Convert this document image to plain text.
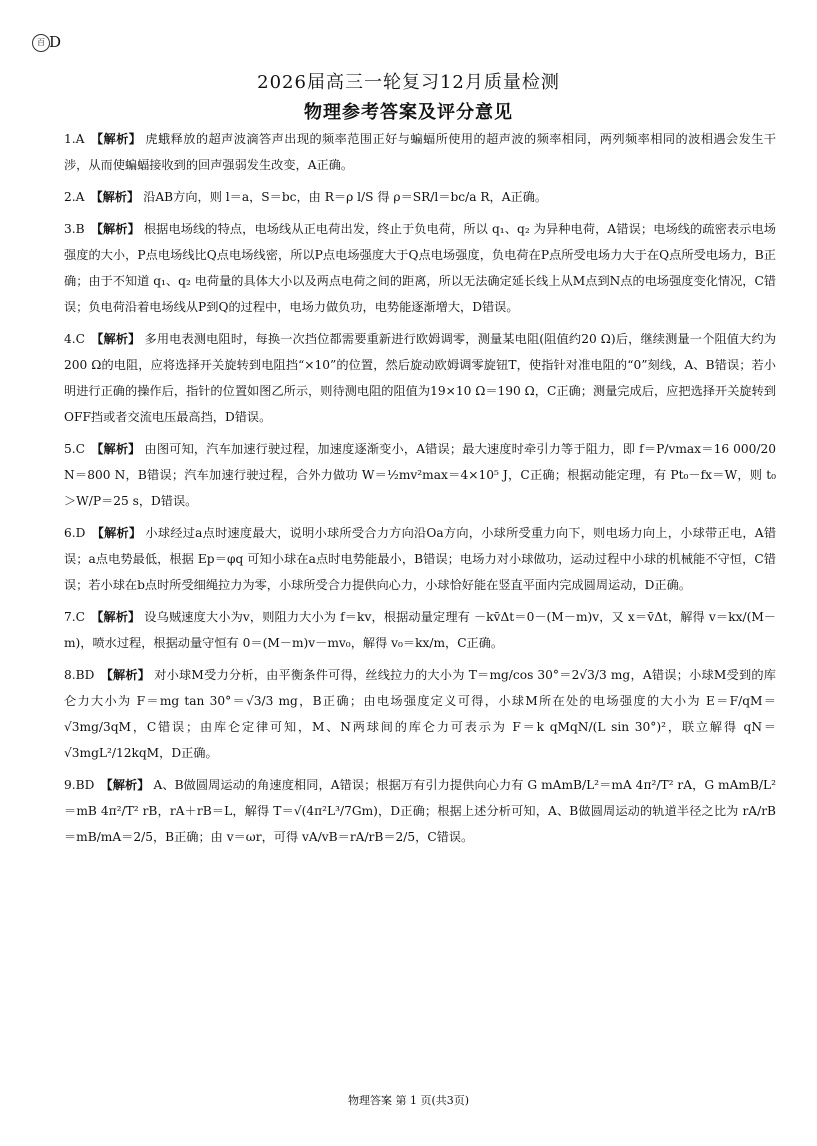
百 D
2026届高三一轮复习12月质量检测
物理参考答案及评分意见
1.A 【解析】 虎蛾释放的超声波滴答声出现的频率范围正好与蝙蝠所使用的超声波的频率相同，两列频率相同的波相遇会发生干涉，从而使蝙蝠接收到的回声强弱发生改变，A正确。
2.A 【解析】 沿AB方向，则 l＝a，S＝bc，由 R＝ρ l/S 得 ρ＝SR/l＝bc/a R，A正确。
3.B 【解析】 根据电场线的特点，电场线从正电荷出发，终止于负电荷，所以 q₁、q₂ 为异种电荷，A错误；电场线的疏密表示电场强度的大小，P点电场线比Q点电场线密，所以P点电场强度大于Q点电场强度，负电荷在P点所受电场力大于在Q点所受电场力，B正确；由于不知道 q₁、q₂ 电荷量的具体大小以及两点电荷之间的距离，所以无法确定延长线上从M点到N点的电场强度变化情况，C错误；负电荷沿着电场线从P到Q的过程中，电场力做负功，电势能逐渐增大，D错误。
4.C 【解析】 多用电表测电阻时，每换一次挡位都需要重新进行欧姆调零，测量某电阻(阻值约20 Ω)后，继续测量一个阻值大约为200 Ω的电阻，应将选择开关旋转到电阻挡“×10”的位置，然后旋动欧姆调零旋钮T，使指针对准电阻的“0”刻线，A、B错误；若小明进行正确的操作后，指针的位置如图乙所示，则待测电阻的阻值为19×10 Ω＝190 Ω，C正确；测量完成后，应把选择开关旋转到OFF挡或者交流电压最高挡，D错误。
5.C 【解析】 由图可知，汽车加速行驶过程，加速度逐渐变小，A错误；最大速度时牵引力等于阻力，即 f＝P/vmax＝16 000/20 N＝800 N，B错误；汽车加速行驶过程，合外力做功 W＝½mv²max＝4×10⁵ J，C正确；根据动能定理，有 Pt₀－fx＝W，则 t₀＞W/P＝25 s，D错误。
6.D 【解析】 小球经过a点时速度最大，说明小球所受合力方向沿Oa方向，小球所受重力向下，则电场力向上，小球带正电，A错误；a点电势最低，根据 Ep＝φq 可知小球在a点时电势能最小，B错误；电场力对小球做功，运动过程中小球的机械能不守恒，C错误；若小球在b点时所受细绳拉力为零，小球所受合力提供向心力，小球恰好能在竖直平面内完成圆周运动，D正确。
7.C 【解析】 设乌贼速度大小为v，则阻力大小为 f＝kv，根据动量定理有 －kv̄Δt＝0－(M－m)v，又 x＝v̄Δt，解得 v＝kx/(M－m)，喷水过程，根据动量守恒有 0＝(M－m)v－mv₀，解得 v₀＝kx/m，C正确。
8.BD 【解析】 对小球M受力分析，由平衡条件可得，丝线拉力的大小为 T＝mg/cos 30°＝2√3/3 mg，A错误；小球M受到的库仑力大小为 F＝mg tan 30°＝√3/3 mg，B正确；由电场强度定义可得，小球M所在处的电场强度的大小为 E＝F/qM＝√3mg/3qM，C错误；由库仑定律可知，M、N两球间的库仑力可表示为 F＝k qMqN/(L sin 30°)²，联立解得 qN＝√3mgL²/12kqM，D正确。
9.BD 【解析】 A、B做圆周运动的角速度相同，A错误；根据万有引力提供向心力有 G mAmB/L²＝mA 4π²/T² rA，G mAmB/L²＝mB 4π²/T² rB，rA＋rB＝L，解得 T＝√(4π²L³/7Gm)，D正确；根据上述分析可知，A、B做圆周运动的轨道半径之比为 rA/rB＝mB/mA＝2/5，B正确；由 v＝ωr，可得 vA/vB＝rA/rB＝2/5，C错误。
物理答案 第 1 页(共3页)
